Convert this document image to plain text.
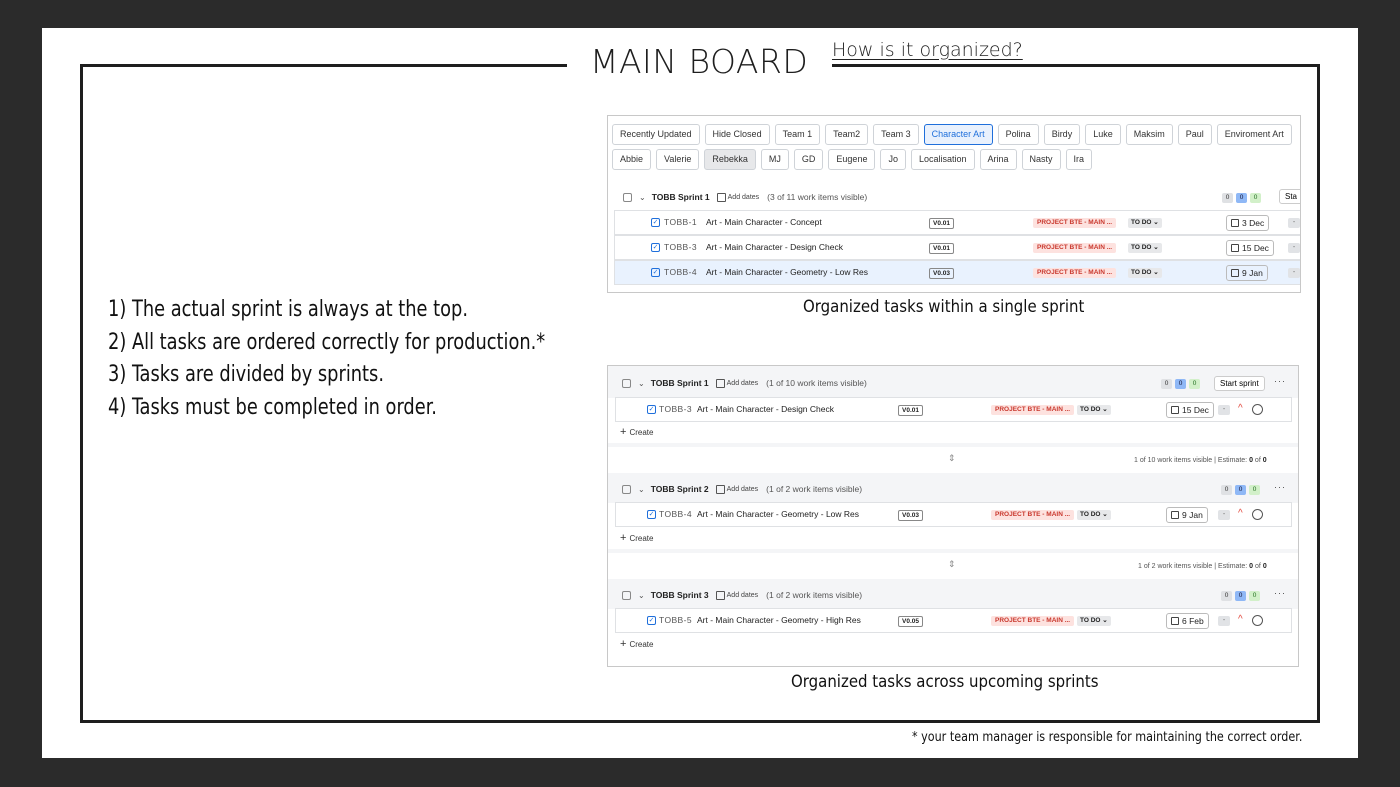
MAIN BOARD How is it organized?
1) The actual sprint is always at the top.
2) All tasks are ordered correctly for production.*
3) Tasks are divided by sprints.
4) Tasks must be completed in order.
Recently Updated	Hide Closed	Team 1	Team2	Team 3	Character Art	Polina	Birdy	Luke	Maksim	Paul	Enviroment Art
Abbie	Valerie	Rebekka	MJ	GD	Eugene	Jo	Localisation	Arina	Nasty	Ira
⌄ TOBB Sprint 1	Add dates (3 of 11 work items visible)	0	0	0	Sta
✓ TOBB-1 Art - Main Character - Concept	V0.01	PROJECT BTE - MAIN ...	TO DO ⌄	3 Dec	-
✓ TOBB-3 Art - Main Character - Design Check	V0.01	PROJECT BTE - MAIN ...	TO DO ⌄	15 Dec	-
✓ TOBB-4 Art - Main Character - Geometry - Low Res	V0.03	PROJECT BTE - MAIN ...	TO DO ⌄	9 Jan	-
Organized tasks within a single sprint
⌄ TOBB Sprint 1	Add dates (1 of 10 work items visible)	0	0	0	Start sprint	···
✓ TOBB-3 Art - Main Character - Design Check	V0.01	PROJECT BTE - MAIN ...	TO DO ⌄	15 Dec	-	^
+ Create
⇕	1 of 10 work items visible | Estimate: 0 of 0
⌄ TOBB Sprint 2	Add dates (1 of 2 work items visible)	0	0	0	···
✓ TOBB-4 Art - Main Character - Geometry - Low Res	V0.03	PROJECT BTE - MAIN ...	TO DO ⌄	9 Jan	-	^
+ Create
⇕	1 of 2 work items visible | Estimate: 0 of 0
⌄ TOBB Sprint 3	Add dates (1 of 2 work items visible)	0	0	0	···
✓ TOBB-5 Art - Main Character - Geometry - High Res	V0.05	PROJECT BTE - MAIN ...	TO DO ⌄	6 Feb	-	^
+ Create
Organized tasks across upcoming sprints
* your team manager is responsible for maintaining the correct order.
